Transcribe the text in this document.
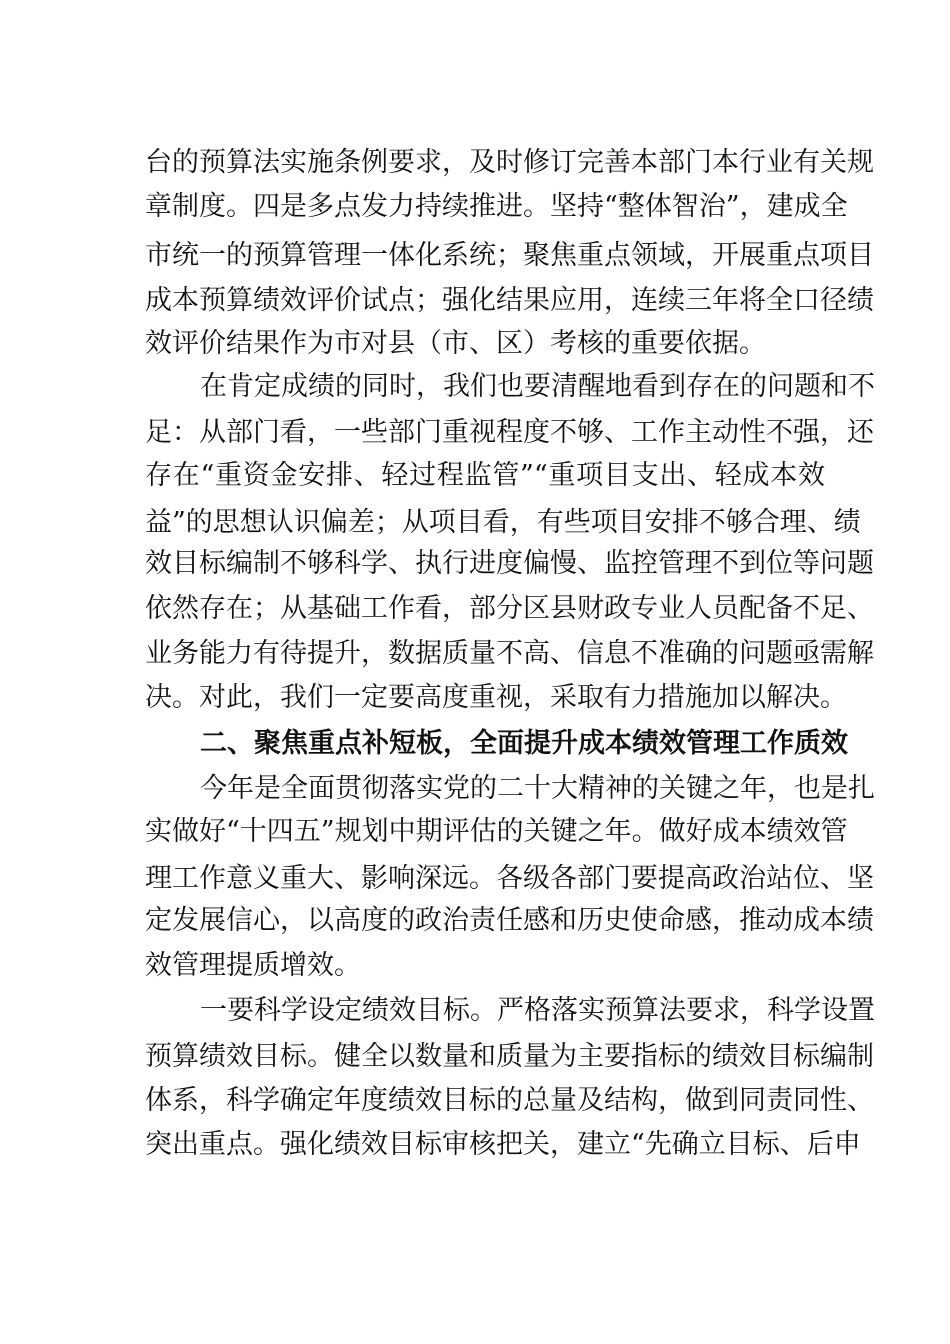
台的预算法实施条例要求，及时修订完善本部门本行业有关规
章制度。四是多点发力持续推进。坚持“整体智治”，建成全
市统一的预算管理一体化系统；聚焦重点领域，开展重点项目
成本预算绩效评价试点；强化结果应用，连续三年将全口径绩
效评价结果作为市对县（市、区）考核的重要依据。
在肯定成绩的同时，我们也要清醒地看到存在的问题和不
足：从部门看，一些部门重视程度不够、工作主动性不强，还
存在“重资金安排、轻过程监管”“重项目支出、轻成本效
益”的思想认识偏差；从项目看，有些项目安排不够合理、绩
效目标编制不够科学、执行进度偏慢、监控管理不到位等问题
依然存在；从基础工作看，部分区县财政专业人员配备不足、
业务能力有待提升，数据质量不高、信息不准确的问题亟需解
决。对此，我们一定要高度重视，采取有力措施加以解决。
二、聚焦重点补短板，全面提升成本绩效管理工作质效
今年是全面贯彻落实党的二十大精神的关键之年，也是扎
实做好“十四五”规划中期评估的关键之年。做好成本绩效管
理工作意义重大、影响深远。各级各部门要提高政治站位、坚
定发展信心，以高度的政治责任感和历史使命感，推动成本绩
效管理提质增效。
一要科学设定绩效目标。严格落实预算法要求，科学设置
预算绩效目标。健全以数量和质量为主要指标的绩效目标编制
体系，科学确定年度绩效目标的总量及结构，做到同责同性、
突出重点。强化绩效目标审核把关，建立“先确立目标、后申
